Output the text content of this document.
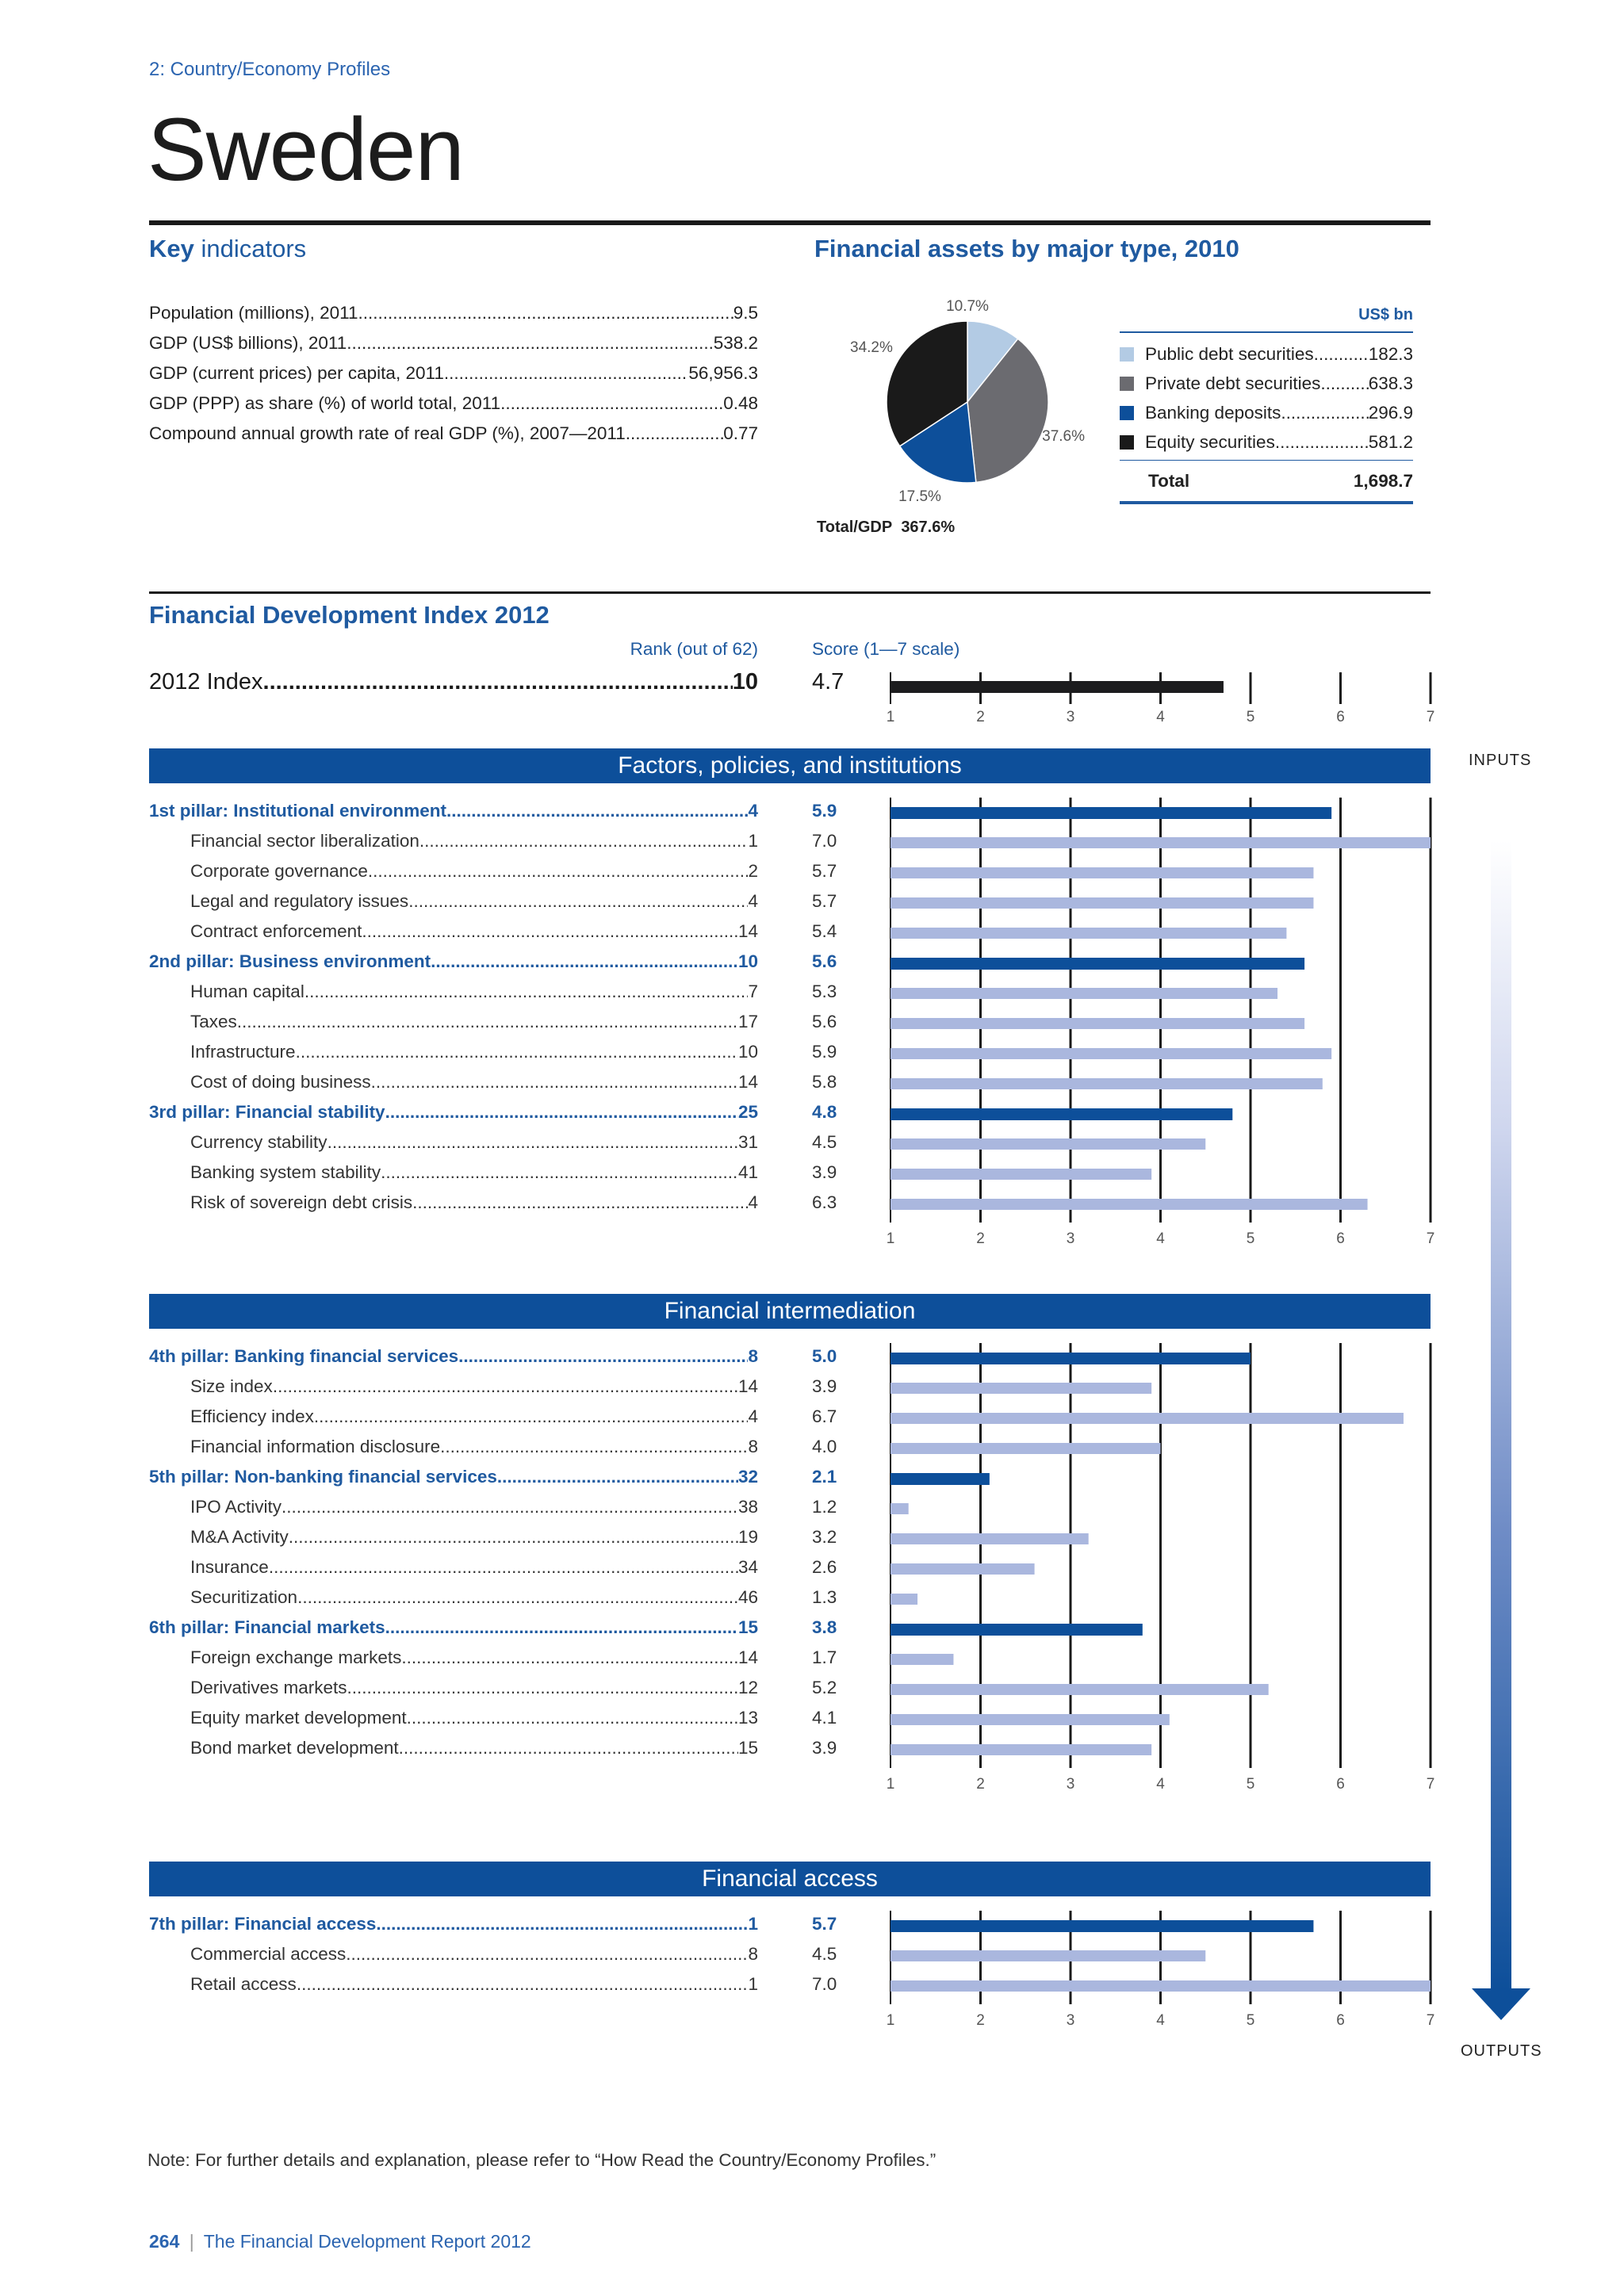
2: Country/Economy Profiles
Sweden
Key indicators
Population (millions), 2011 .....	9.5
GDP (US$ billions), 2011 .....	538.2
GDP (current prices) per capita, 2011 .....	56,956.3
GDP (PPP) as share (%) of world total, 2011 .....	0.48
Compound annual growth rate of real GDP (%), 2007—2011 .....	0.77
Financial assets by major type, 2010
10.7%
37.6%
17.5%
34.2%
Total/GDP 367.6%
US$ bn
Public debt securities .....	182.3
Private debt securities .....	638.3
Banking deposits .....	296.9
Equity securities .....	581.2
Total	1,698.7
Financial Development Index 2012
Rank (out of 62)	Score (1—7 scale)
2012 Index .....	10 4.7
1	2	3	4	5	6	7
Factors, policies, and institutions
1st pillar: Institutional environment .....	4	5.9
Financial sector liberalization .....	1	7.0
Corporate governance .....	2	5.7
Legal and regulatory issues .....	4	5.7
Contract enforcement .....	14	5.4
2nd pillar: Business environment .....	10	5.6
Human capital .....	7	5.3
Taxes .....	17	5.6
Infrastructure .....	10	5.9
Cost of doing business .....	14	5.8
3rd pillar: Financial stability .....	25	4.8
Currency stability .....	31	4.5
Banking system stability .....	41	3.9
Risk of sovereign debt crisis .....	4	6.3
1	2	3	4	5	6	7
Financial intermediation
4th pillar: Banking financial services .....	8	5.0
Size index .....	14	3.9
Efficiency index .....	4	6.7
Financial information disclosure .....	8	4.0
5th pillar: Non-banking financial services .....	32	2.1
IPO Activity .....	38	1.2
M&A Activity .....	19	3.2
Insurance .....	34	2.6
Securitization .....	46	1.3
6th pillar: Financial markets .....	15	3.8
Foreign exchange markets .....	14	1.7
Derivatives markets .....	12	5.2
Equity market development .....	13	4.1
Bond market development .....	15	3.9
1	2	3	4	5	6	7
Financial access
7th pillar: Financial access .....	1	5.7
Commercial access .....	8	4.5
Retail access .....	1	7.0
1	2	3	4	5	6	7
INPUTS
OUTPUTS
Note: For further details and explanation, please refer to “How Read the Country/Economy Profiles.”
264 | The Financial Development Report 2012
